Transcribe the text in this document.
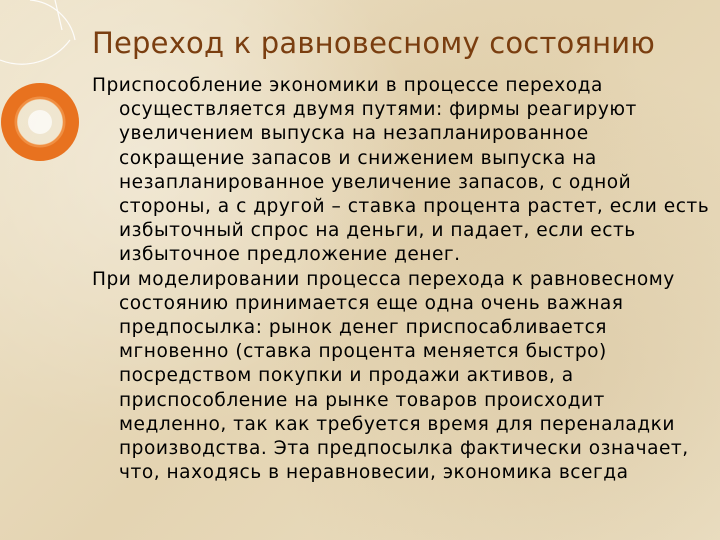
Переход к равновесному состоянию

Приспособление экономики в процессе перехода осуществляется двумя путями: фирмы реагируют увеличением выпуска на незапланированное сокращение запасов и снижением выпуска на незапланированное увеличение запасов, с одной стороны, а с другой – ставка процента растет, если есть избыточный спрос на деньги, и падает, если есть избыточное предложение денег.

При моделировании процесса перехода к равновесному состоянию принимается еще одна очень важная предпосылка: рынок денег приспосабливается мгновенно (ставка процента меняется быстро) посредством покупки и продажи активов, а приспособление на рынке товаров происходит медленно, так как требуется время для переналадки производства. Эта предпосылка фактически означает, что, находясь в неравновесии, экономика всегда
